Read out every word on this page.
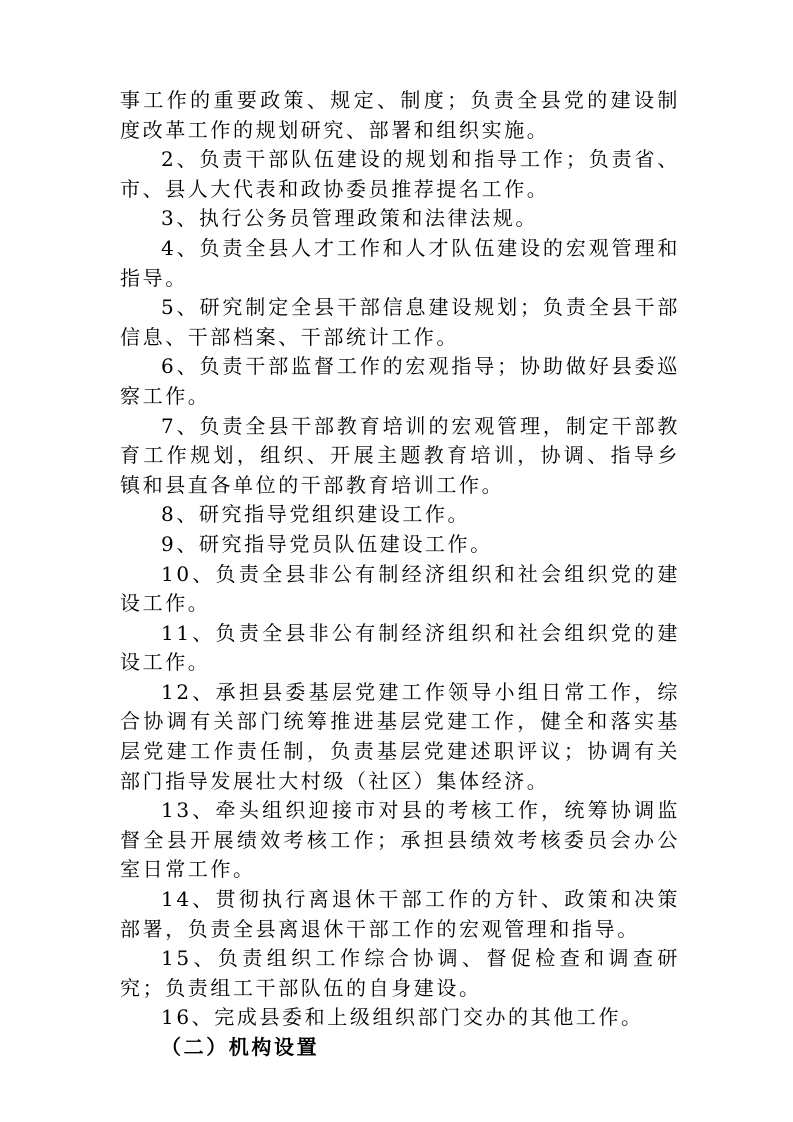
事工作的重要政策、规定、制度；负责全县党的建设制度改革工作的规划研究、部署和组织实施。

2、负责干部队伍建设的规划和指导工作；负责省、市、县人大代表和政协委员推荐提名工作。

3、执行公务员管理政策和法律法规。

4、负责全县人才工作和人才队伍建设的宏观管理和指导。

5、研究制定全县干部信息建设规划；负责全县干部信息、干部档案、干部统计工作。

6、负责干部监督工作的宏观指导；协助做好县委巡察工作。

7、负责全县干部教育培训的宏观管理，制定干部教育工作规划，组织、开展主题教育培训，协调、指导乡镇和县直各单位的干部教育培训工作。

8、研究指导党组织建设工作。

9、研究指导党员队伍建设工作。

10、负责全县非公有制经济组织和社会组织党的建设工作。

11、负责全县非公有制经济组织和社会组织党的建设工作。

12、承担县委基层党建工作领导小组日常工作，综合协调有关部门统筹推进基层党建工作，健全和落实基层党建工作责任制，负责基层党建述职评议；协调有关部门指导发展壮大村级（社区）集体经济。

13、牵头组织迎接市对县的考核工作，统筹协调监督全县开展绩效考核工作；承担县绩效考核委员会办公室日常工作。

14、贯彻执行离退休干部工作的方针、政策和决策部署，负责全县离退休干部工作的宏观管理和指导。

15、负责组织工作综合协调、督促检查和调查研究；负责组工干部队伍的自身建设。

16、完成县委和上级组织部门交办的其他工作。

（二）机构设置
